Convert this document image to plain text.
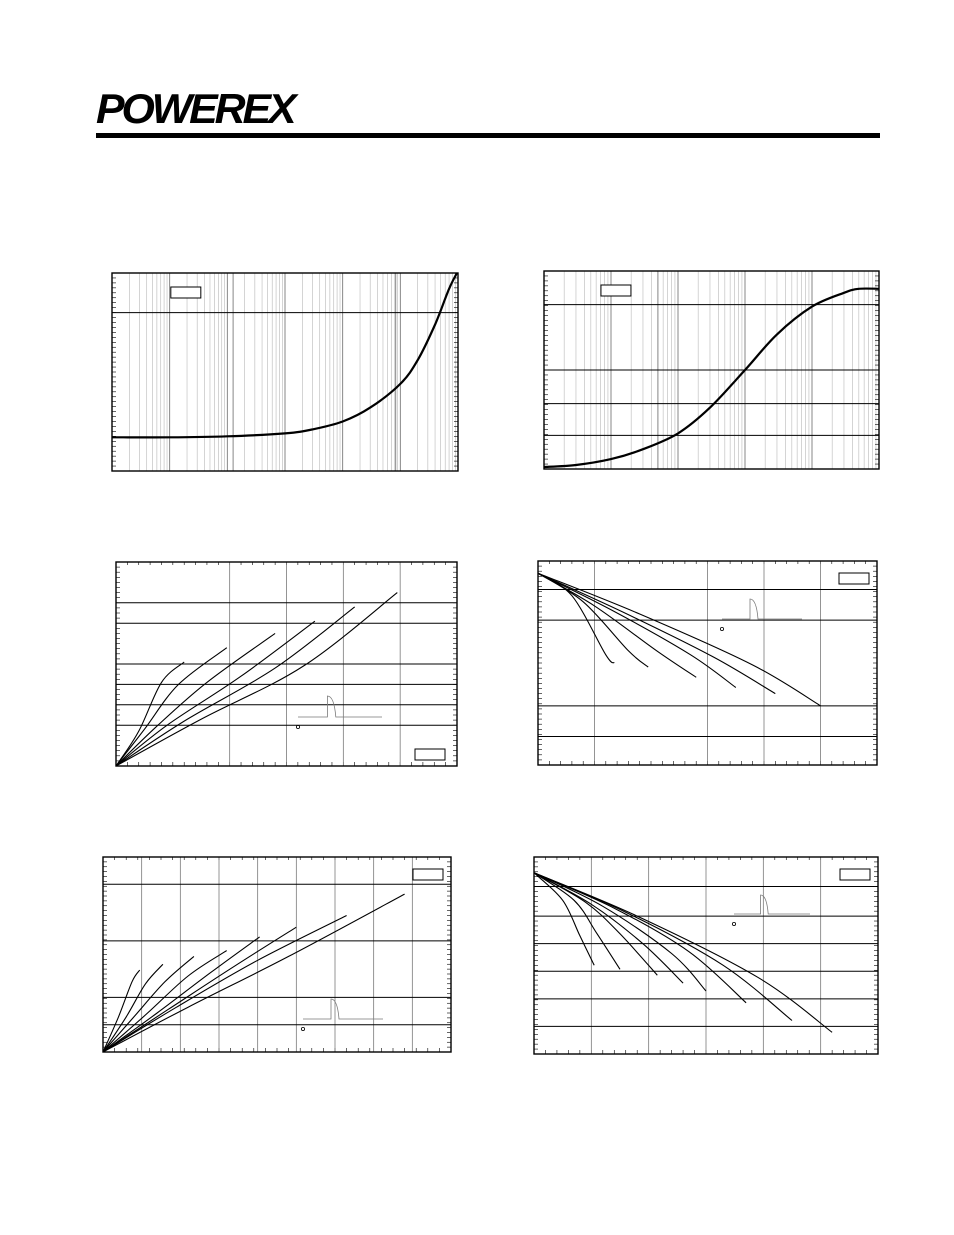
POWEREX
